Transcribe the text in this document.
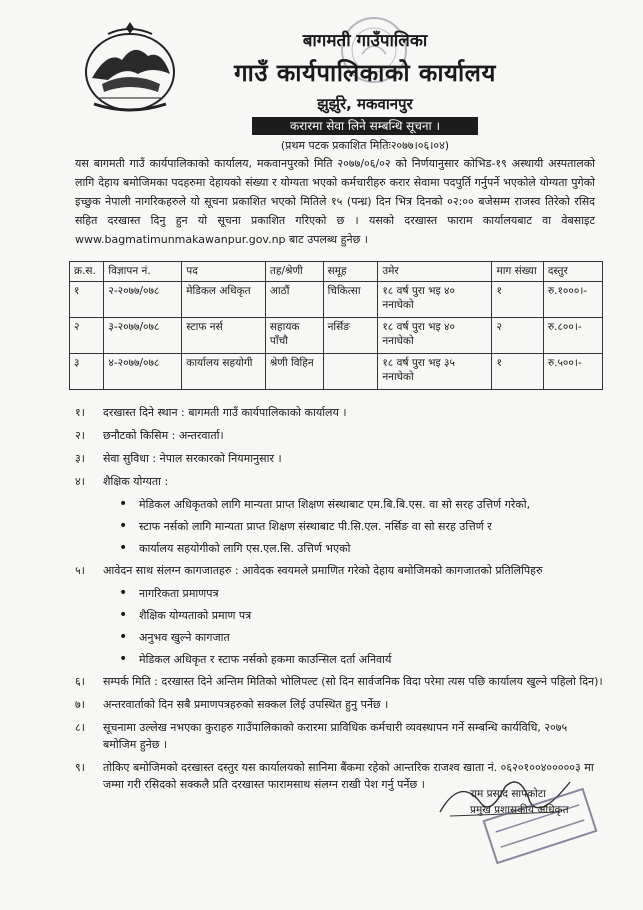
बागमती गाउँपालिका
गाउँ कार्यपालिकाको कार्यालय
झुर्झुरे, मकवानपुर
करारमा सेवा लिने सम्बन्धि सूचना ।
(प्रथम पटक प्रकाशित मितिः२०७७।०६।०४)
यस बागमती गाउँ कार्यपालिकाको कार्यालय, मकवानपुरको मिति २०७७/०६/०२ को निर्णयानुसार कोभिड-१९ अस्थायी अस्पतालको लागि देहाय बमोजिमका पदहरुमा देहायको संख्या र योग्यता भएको कर्मचारीहरु करार सेवामा पदपुर्ति गर्नुपर्ने भएकोले योग्यता पुगेको इच्छुक नेपाली नागरिकहरुले यो सूचना प्रकाशित भएको मितिले १५ (पन्ध्र) दिन भित्र दिनको ०२:०० बजेसम्म राजस्व तिरेको रसिद सहित दरखास्त दिनु हुन यो सूचना प्रकाशित गरिएको छ । यसको दरखास्त फाराम कार्यालयबाट वा वेबसाइट www.bagmatimunmakawanpur.gov.np बाट उपलब्ध हुनेछ ।
क्र.स.	विज्ञापन नं.	पद	तह/श्रेणी	समूह	उमेर	माग संख्या	दस्तुर
१	२-२०७७/०७८	मेडिकल अधिकृत	आठौं	चिकित्सा	१८ वर्ष पुरा भइ ४० ननाघेको	१	रु.१०००।-
२	३-२०७७/०७८	स्टाफ नर्स	सहायक पाँचौ	नर्सिङ	१८ वर्ष पुरा भइ ४० ननाघेको	२	रु.८००।-
३	४-२०७७/०७८	कार्यालय सहयोगी	श्रेणी विहिन		१८ वर्ष पुरा भइ ३५ ननाघेको	१	रु.५००।-
१। दरखास्त दिने स्थान : बागमती गाउँ कार्यपालिकाको कार्यालय ।
२। छनौटको किसिम : अन्तरवार्ता।
३। सेवा सुविधा : नेपाल सरकारको नियमानुसार ।
४। शैक्षिक योग्यता :
• मेडिकल अधिकृतको लागि मान्यता प्राप्त शिक्षण संस्थाबाट एम.बि.बि.एस. वा सो सरह उत्तिर्ण गरेको,
• स्टाफ नर्सको लागि मान्यता प्राप्त शिक्षण संस्थाबाट पी.सि.एल. नर्सिङ वा सो सरह उत्तिर्ण र
• कार्यालय सहयोगीको लागि एस.एल.सि. उत्तिर्ण भएको
५। आवेदन साथ संलग्न कागजातहरु : आवेदक स्वयमले प्रमाणित गरेको देहाय बमोजिमको कागजातको प्रतिलिपिहरु
• नागरिकता प्रमाणपत्र
• शैक्षिक योग्यताको प्रमाण पत्र
• अनुभव खुल्ने कागजात
• मेडिकल अधिकृत र स्टाफ नर्सको हकमा काउन्सिल दर्ता अनिवार्य
६। सम्पर्क मिति : दरखास्त दिने अन्तिम मितिको भोलिपल्ट (सो दिन सार्वजनिक विदा परेमा त्यस पछि कार्यालय खुल्ने पहिलो दिन)।
७। अन्तरवार्ताको दिन सबै प्रमाणपत्रहरुको सक्कल लिई उपस्थित हुनु पर्नेछ ।
८। सूचनामा उल्लेख नभएका कुराहरु गाउँपालिकाको करारमा प्राविधिक कर्मचारी व्यवस्थापन गर्ने सम्बन्धि कार्यविधि, २०७५ बमोजिम हुनेछ ।
९। तोकिए बमोजिमको दरखास्त दस्तुर यस कार्यालयको सानिमा बैंकमा रहेको आन्तरिक राजश्व खाता नं. ०६२०१००४०००००३ मा जम्मा गरी रसिदको सक्कलै प्रति दरखास्त फारामसाथ संलग्न राखी पेश गर्नु पर्नेछ ।
राम प्रसाद सापकोटा
प्रमुख प्रशासकीय अधिकृत
